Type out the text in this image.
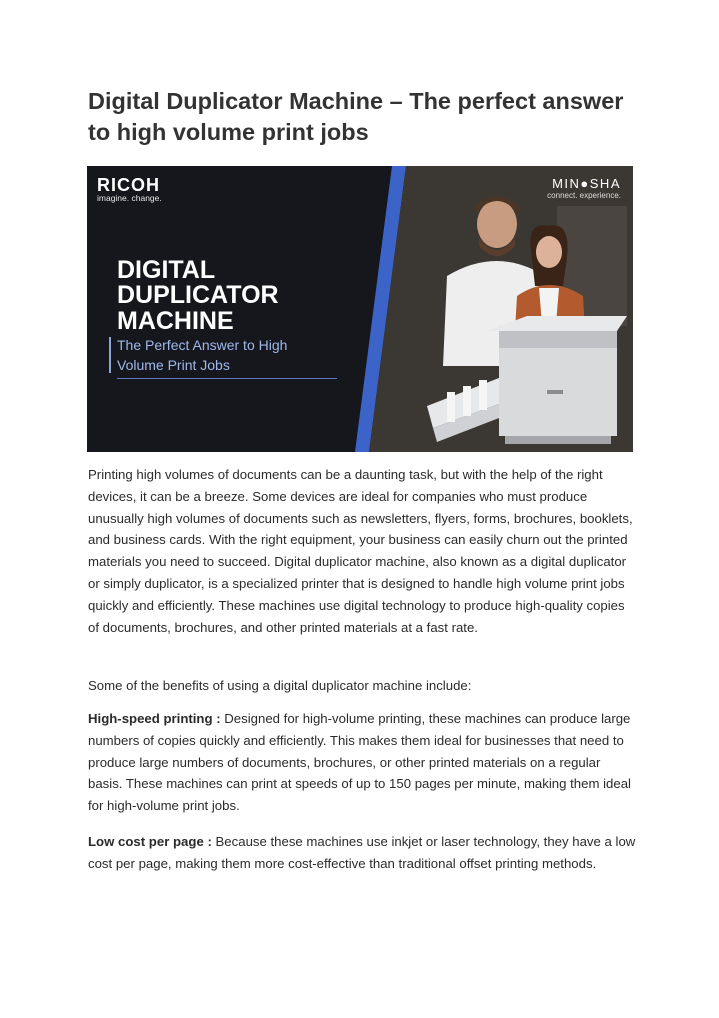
Digital Duplicator Machine – The perfect answer to high volume print jobs
RICOH
imagine. change.
MIN●SHA
connect. experience.
DIGITAL
DUPLICATOR
MACHINE
The Perfect Answer to High
Volume Print Jobs

Printing high volumes of documents can be a daunting task, but with the help of the right devices, it can be a breeze. Some devices are ideal for companies who must produce unusually high volumes of documents such as newsletters, flyers, forms, brochures, booklets, and business cards. With the right equipment, your business can easily churn out the printed materials you need to succeed. Digital duplicator machine, also known as a digital duplicator or simply duplicator, is a specialized printer that is designed to handle high volume print jobs quickly and efficiently. These machines use digital technology to produce high-quality copies of documents, brochures, and other printed materials at a fast rate.

Some of the benefits of using a digital duplicator machine include:

High-speed printing : Designed for high-volume printing, these machines can produce large numbers of copies quickly and efficiently. This makes them ideal for businesses that need to produce large numbers of documents, brochures, or other printed materials on a regular basis. These machines can print at speeds of up to 150 pages per minute, making them ideal for high-volume print jobs.

Low cost per page : Because these machines use inkjet or laser technology, they have a low cost per page, making them more cost-effective than traditional offset printing methods.
